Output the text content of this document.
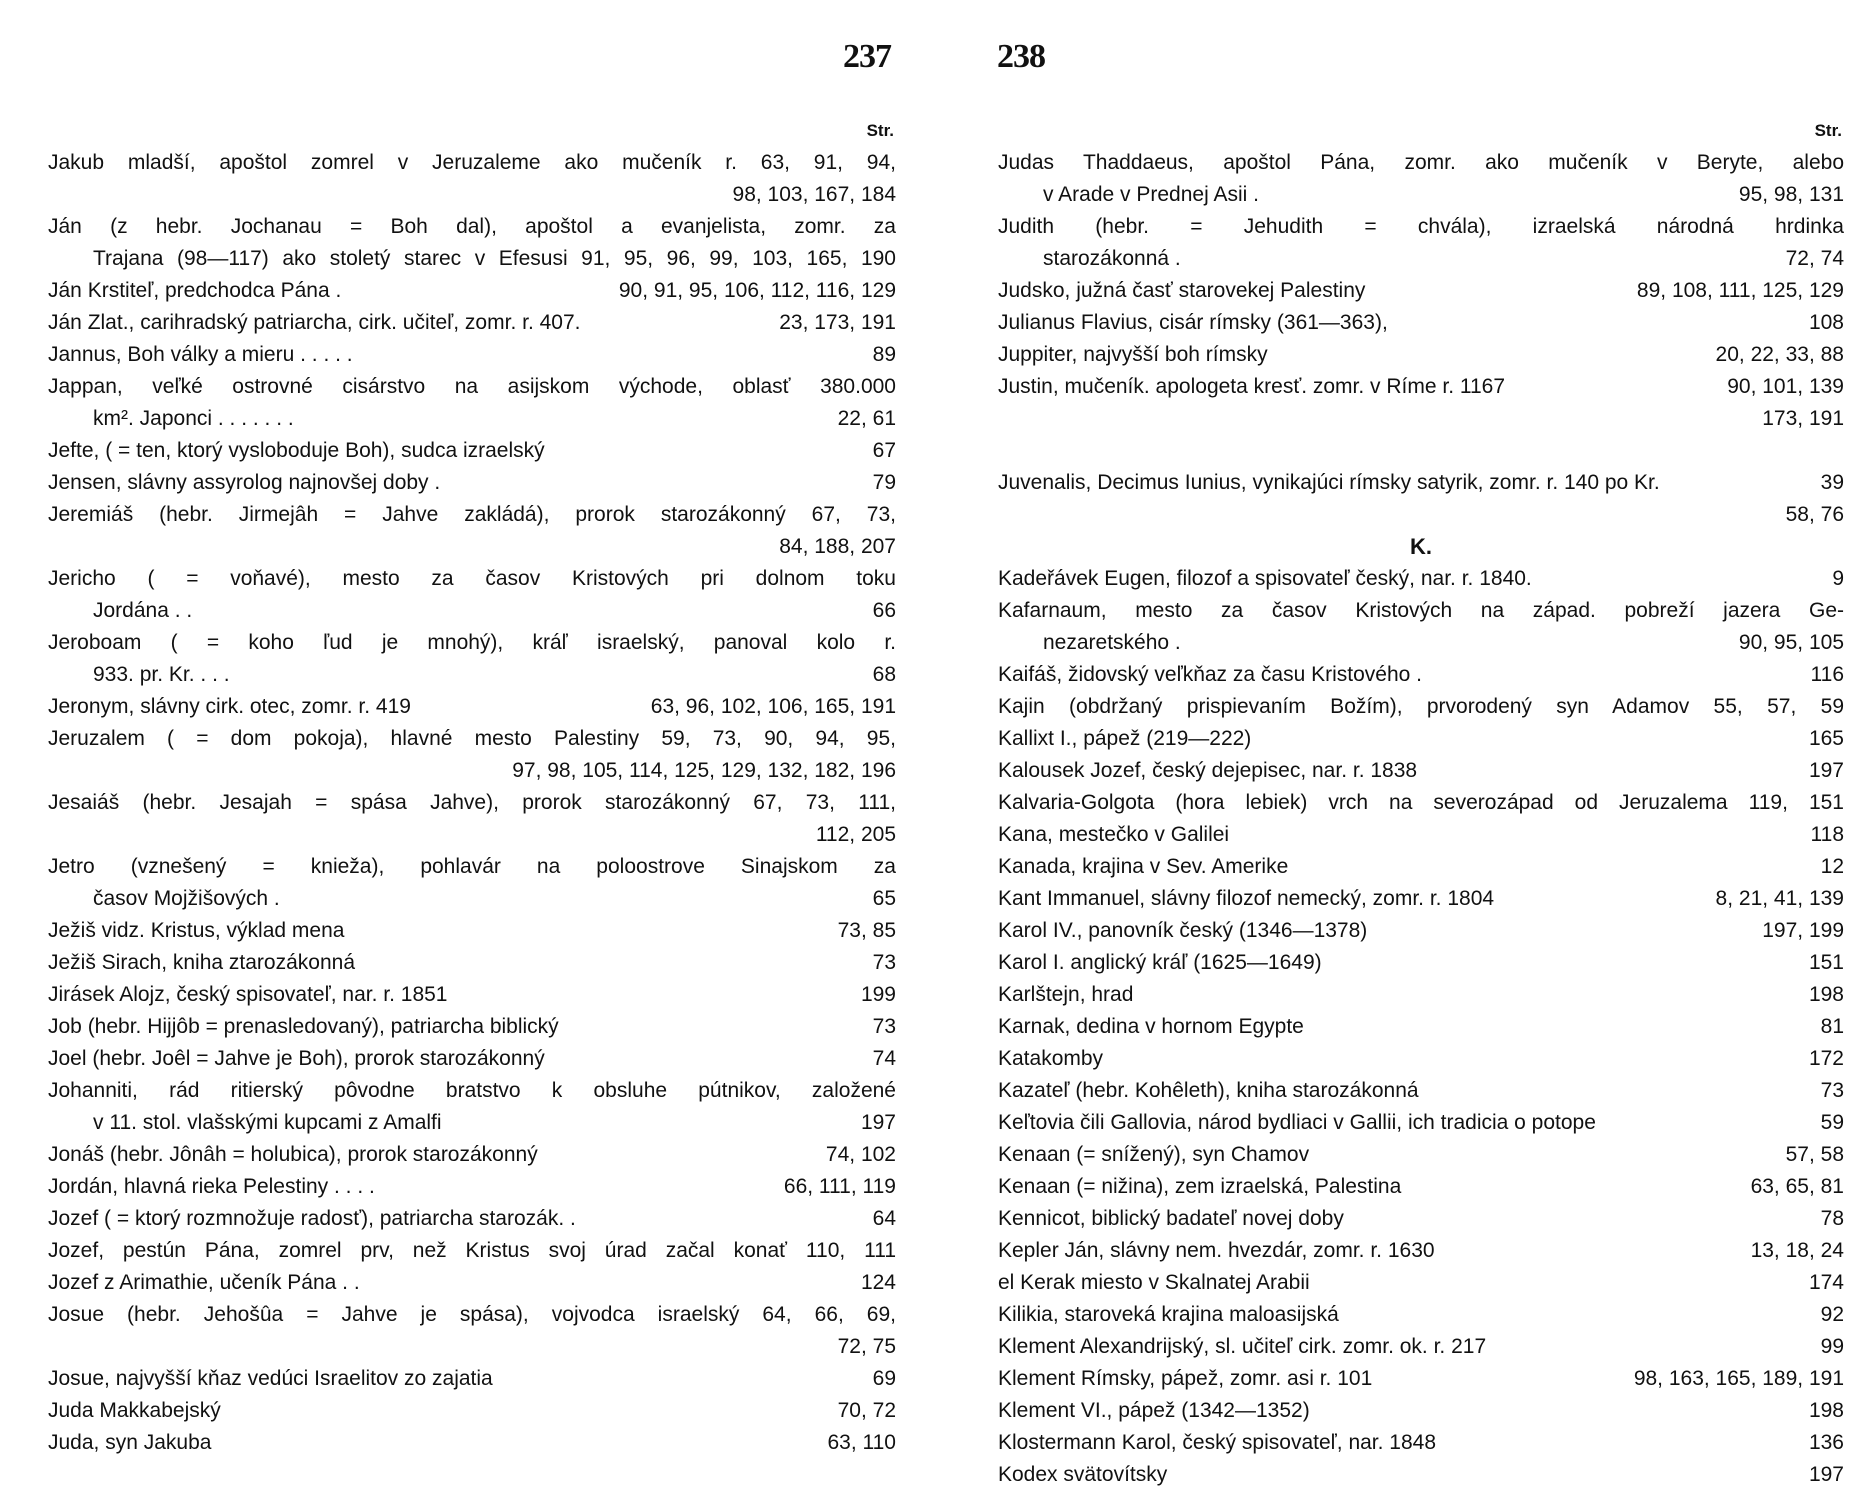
237	238
Str.
Jakub mladší, apoštol zomrel v Jeruzaleme ako mučeník r. 63, 91, 94,
98, 103, 167, 184
Ján (z hebr. Jochanau = Boh dal), apoštol a evanjelista, zomr. za
Trajana (98—117) ako stoletý starec v Efesusi 91, 95, 96, 99, 103, 165, 190
Ján Krstiteľ, predchodca Pána .	90, 91, 95, 106, 112, 116, 129
Ján Zlat., carihradský patriarcha, cirk. učiteľ, zomr. r. 407.	23, 173, 191
Jannus, Boh války a mieru . . . . .	89
Jappan, veľké ostrovné cisárstvo na asijskom východe, oblasť 380.000
km². Japonci . . . . . . .	22, 61
Jefte, ( = ten, ktorý vysloboduje Boh), sudca izraelský	67
Jensen, slávny assyrolog najnovšej doby .	79
Jeremiáš (hebr. Jirmejâh = Jahve zakládá), prorok starozákonný 67, 73,
84, 188, 207
Jericho ( = voňavé), mesto za časov Kristových pri dolnom toku
Jordána . .	66
Jeroboam ( = koho ľud je mnohý), kráľ israelský, panoval kolo r.
933. pr. Kr. . . .	68
Jeronym, slávny cirk. otec, zomr. r. 419	63, 96, 102, 106, 165, 191
Jeruzalem ( = dom pokoja), hlavné mesto Palestiny 59, 73, 90, 94, 95,
97, 98, 105, 114, 125, 129, 132, 182, 196
Jesaiáš (hebr. Jesajah = spása Jahve), prorok starozákonný 67, 73, 111,
112, 205
Jetro (vznešený = knieža), pohlavár na poloostrove Sinajskom za
časov Mojžišových .	65
Ježiš vidz. Kristus, výklad mena	73, 85
Ježiš Sirach, kniha ztarozákonná	73
Jirásek Alojz, český spisovateľ, nar. r. 1851	199
Job (hebr. Hijjôb = prenasledovaný), patriarcha biblický	73
Joel (hebr. Joêl = Jahve je Boh), prorok starozákonný	74
Johanniti, rád ritierský pôvodne bratstvo k obsluhe pútnikov, založené
v 11. stol. vlašskými kupcami z Amalfi	197
Jonáš (hebr. Jônâh = holubica), prorok starozákonný	74, 102
Jordán, hlavná rieka Pelestiny . . . .	66, 111, 119
Jozef ( = ktorý rozmnožuje radosť), patriarcha starozák. .	64
Jozef, pestún Pána, zomrel prv, než Kristus svoj úrad začal konať 110, 111
Jozef z Arimathie, učeník Pána . .	124
Josue (hebr. Jehošûa = Jahve je spása), vojvodca israelský 64, 66, 69,
72, 75
Josue, najvyšší kňaz vedúci Israelitov zo zajatia	69
Juda Makkabejský	70, 72
Juda, syn Jakuba	63, 110
Str.
Judas Thaddaeus, apoštol Pána, zomr. ako mučeník v Beryte, alebo
v Arade v Prednej Asii .	95, 98, 131
Judith (hebr. = Jehudith = chvála), izraelská národná hrdinka
starozákonná .	72, 74
Judsko, južná časť starovekej Palestiny	89, 108, 111, 125, 129
Julianus Flavius, cisár rímsky (361—363),	108
Juppiter, najvyšší boh rímsky	20, 22, 33, 88
Justin, mučeník. apologeta kresť. zomr. v Ríme r. 1167	90, 101, 139
173, 191
Juvenalis, Decimus Iunius, vynikajúci rímsky satyrik, zomr. r. 140 po Kr.	39
58, 76
K.
Kadeřávek Eugen, filozof a spisovateľ český, nar. r. 1840.	9
Kafarnaum, mesto za časov Kristových na západ. pobreží jazera Ge-
nezaretského .	90, 95, 105
Kaifáš, židovský veľkňaz za času Kristového .	116
Kajin (obdržaný prispievaním Božím), prvorodený syn Adamov 55, 57, 59
Kallixt I., pápež (219—222)	165
Kalousek Jozef, český dejepisec, nar. r. 1838	197
Kalvaria-Golgota (hora lebiek) vrch na severozápad od Jeruzalema 119, 151
Kana, mestečko v Galilei	118
Kanada, krajina v Sev. Amerike	12
Kant Immanuel, slávny filozof nemecký, zomr. r. 1804	8, 21, 41, 139
Karol IV., panovník český (1346—1378)	197, 199
Karol I. anglický kráľ (1625—1649)	151
Karlštejn, hrad	198
Karnak, dedina v hornom Egypte	81
Katakomby	172
Kazateľ (hebr. Kohêleth), kniha starozákonná	73
Keľtovia čili Gallovia, národ bydliaci v Gallii, ich tradicia o potope	59
Kenaan (= snížený), syn Chamov	57, 58
Kenaan (= nižina), zem izraelská, Palestina	63, 65, 81
Kennicot, biblický badateľ novej doby	78
Kepler Ján, slávny nem. hvezdár, zomr. r. 1630	13, 18, 24
el Kerak miesto v Skalnatej Arabii	174
Kilikia, staroveká krajina maloasijská	92
Klement Alexandrijský, sl. učiteľ cirk. zomr. ok. r. 217	99
Klement Rímsky, pápež, zomr. asi r. 101	98, 163, 165, 189, 191
Klement VI., pápež (1342—1352)	198
Klostermann Karol, český spisovateľ, nar. 1848	136
Kodex svätovítsky	197
